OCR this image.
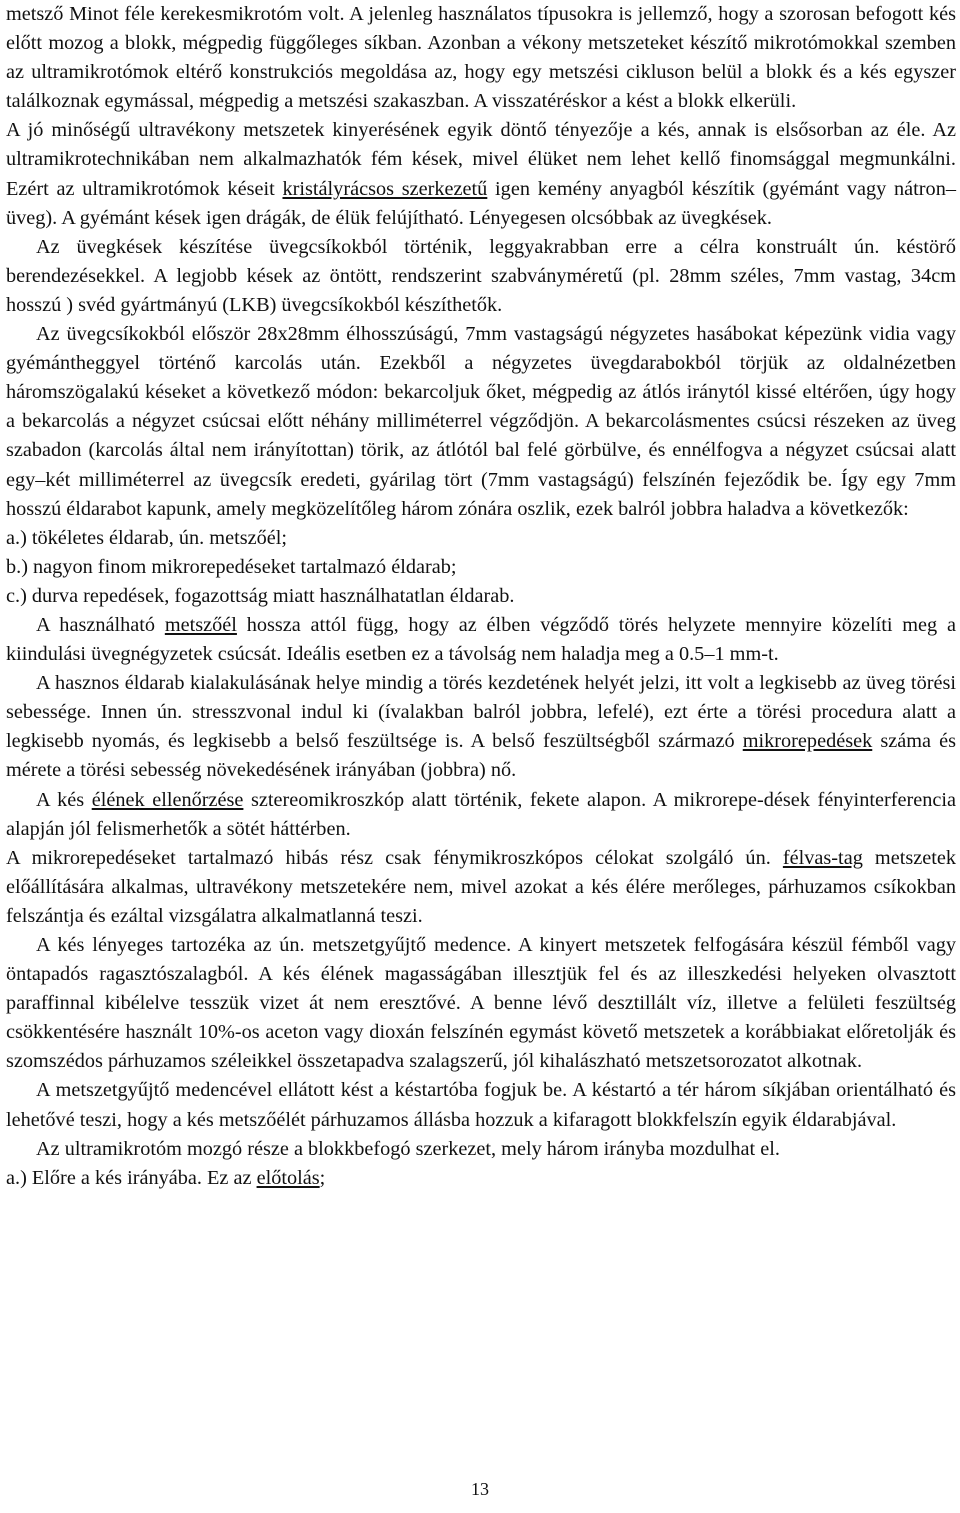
metsző Minot féle kerekesmikrotóm volt. A jelenleg használatos típusokra is jellemző, hogy a szorosan befogott kés előtt mozog a blokk, mégpedig függőleges síkban. Azonban a vékony metszeteket készítő mikrotómokkal szemben az ultramikrotómok eltérő konstrukciós megoldása az, hogy egy metszési cikluson belül a blokk és a kés egyszer találkoznak egymással, mégpedig a metszési szakaszban. A visszatéréskor a kést a blokk elkerüli.

A jó minőségű ultravékony metszetek kinyerésének egyik döntő tényezője a kés, annak is elsősorban az éle. Az ultramikrotechnikában nem alkalmazhatók fém kések, mivel élüket nem lehet kellő finomsággal megmunkálni. Ezért az ultramikrotómok késeit kristályrácsos szerkezetű igen kemény anyagból készítik (gyémánt vagy nátron–üveg). A gyémánt kések igen drágák, de élük felújítható. Lényegesen olcsóbbak az üvegkések.

Az üvegkések készítése üvegcsíkokból történik, leggyakrabban erre a célra konstruált ún. késtörő berendezésekkel. A legjobb kések az öntött, rendszerint szabványméretű (pl. 28mm széles, 7mm vastag, 34cm hosszú ) svéd gyártmányú (LKB) üvegcsíkokból készíthetők.

Az üvegcsíkokból először 28x28mm élhosszúságú, 7mm vastagságú négyzetes hasábokat képezünk vidia vagy gyémántheggyel történő karcolás után. Ezekből a négyzetes üvegdarabokból törjük az oldalnézetben háromszögalakú késeket a következő módon: bekarcoljuk őket, mégpedig az átlós iránytól kissé eltérően, úgy hogy a bekarcolás a négyzet csúcsai előtt néhány milliméterrel végződjön. A bekarcolásmentes csúcsi részeken az üveg szabadon (karcolás által nem irányítottan) törik, az átlótól bal felé görbülve, és ennélfogva a négyzet csúcsai alatt egy–két milliméterrel az üvegcsík eredeti, gyárilag tört (7mm vastagságú) felszínén fejeződik be. Így egy 7mm hosszú éldarabot kapunk, amely megközelítőleg három zónára oszlik, ezek balról jobbra haladva a következők:

a.) tökéletes éldarab, ún. metszőél;
b.) nagyon finom mikrorepedéseket tartalmazó éldarab;
c.) durva repedések, fogazottság miatt használhatatlan éldarab.

A használható metszőél hossza attól függ, hogy az élben végződő törés helyzete mennyire közelíti meg a kiindulási üvegnégyzetek csúcsát. Ideális esetben ez a távolság nem haladja meg a 0.5–1 mm-t.

A hasznos éldarab kialakulásának helye mindig a törés kezdetének helyét jelzi, itt volt a legkisebb az üveg törési sebessége. Innen ún. stresszvonal indul ki (ívalakban balról jobbra, lefelé), ezt érte a törési procedura alatt a legkisebb nyomás, és legkisebb a belső feszültsége is. A belső feszültségből származó mikrorepedések száma és mérete a törési sebesség növekedésének irányában (jobbra) nő.

A kés élének ellenőrzése sztereomikroszkóp alatt történik, fekete alapon. A mikrorepe-dések fényinterferencia alapján jól felismerhetők a sötét háttérben.

A mikrorepedéseket tartalmazó hibás rész csak fénymikroszkópos célokat szolgáló ún. félvas-tag metszetek előállítására alkalmas, ultravékony metszetekére nem, mivel azokat a kés élére merőleges, párhuzamos csíkokban felszántja és ezáltal vizsgálatra alkalmatlanná teszi.

A kés lényeges tartozéka az ún. metszetgyűjtő medence. A kinyert metszetek felfogására készül fémből vagy öntapadós ragasztószalagból. A kés élének magasságában illesztjük fel és az illeszkedési helyeken olvasztott paraffinnal kibélelve tesszük vizet át nem eresztővé. A benne lévő desztillált víz, illetve a felületi feszültség csökkentésére használt 10%-os aceton vagy dioxán felszínén egymást követő metszetek a korábbiakat előretolják és szomszédos párhuzamos széleikkel összetapadva szalagszerű, jól kihalászható metszetsorozatot alkotnak.

A metszetgyűjtő medencével ellátott kést a késtartóba fogjuk be. A késtartó a tér három síkjában orientálható és lehetővé teszi, hogy a kés metszőélét párhuzamos állásba hozzuk a kifaragott blokkfelszín egyik éldarabjával.

Az ultramikrotóm mozgó része a blokkbefogó szerkezet, mely három irányba mozdulhat el.

a.) Előre a kés irányába. Ez az előtolás;

13
